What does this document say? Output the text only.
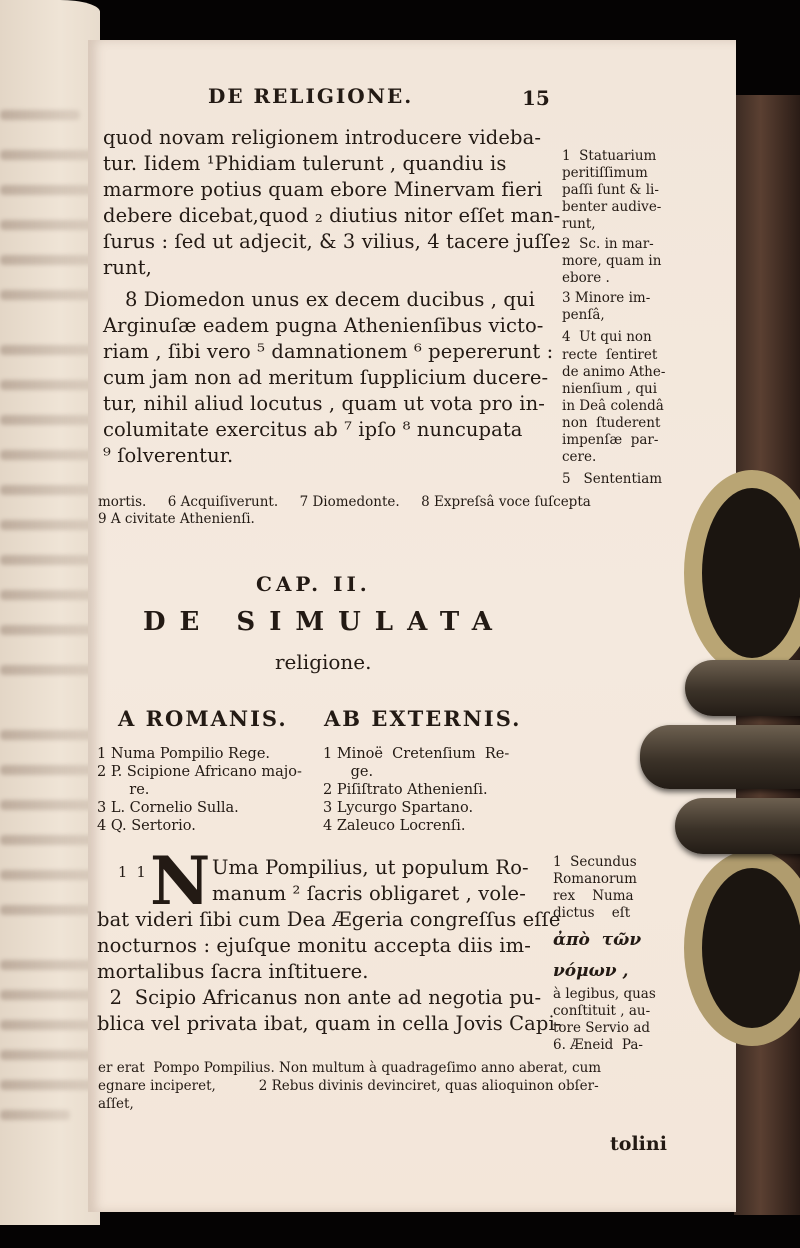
DE RELIGIONE.	15
quod novam religionem introducere videba-
tur. Iidem ¹Phidiam tulerunt , quandiu is
marmore potius quam ebore Minervam fieri
debere dicebat,quod ₂ diutius nitor eſſet man-
ſurus : ſed ut adjecit, & 3 vilius, 4 tacere juſſe-
runt,
8 Diomedon unus ex decem ducibus , qui
Arginuſæ eadem pugna Athenienſibus victo-
riam , ſibi vero ⁵ damnationem ⁶ pepererunt :
cum jam non ad meritum ſupplicium ducere-
tur, nihil aliud locutus , quam ut vota pro in-
columitate exercitus ab ⁷ ipſo ⁸ nuncupata
⁹ ſolverentur.
1  Statuarium
peritiſſimum
paſſi ſunt & li-
benter audive-
runt,
2  Sc. in mar-
more, quam in
ebore .
3 Minore im-
penſâ,
4  Ut qui non
recte  ſentiret
de animo Athe-
nienſium , qui
in Deâ colendâ
non  ſtuderent
impenſæ  par-
cere.
5   Sententiam
mortis.     6 Acquiſiverunt.     7 Diomedonte.     8 Expreſsâ voce ſuſcepta
9 A civitate Athenienſi.
CAP. II.
DE SIMULATA
religione.
A ROMANIS. AB EXTERNIS.
1 Numa Pompilio Rege.
2 P. Scipione Africano majo-
re.
3 L. Cornelio Sulla.
4 Q. Sertorio.
1 Minoë  Cretenſium  Re-
ge.
2 Piſiſtrato Athenienſi.
3 Lycurgo Spartano.
4 Zaleuco Locrenſi.
1  1 N Uma Pompilius, ut populum Ro-
manum ² ſacris obligaret , vole-
bat videri ſibi cum Dea Ægeria congreſſus eſſe
nocturnos : ejuſque monitu accepta diis im-
mortalibus ſacra inſtituere.
2  Scipio Africanus non ante ad negotia pu-
blica vel privata ibat, quam in cella Jovis Capi-
1  Secundus
Romanorum
rex    Numa
dictus    eſt
ἀπὸ  τῶν
νόμων ,
à legibus, quas
conſtituit , au-
tore Servio ad
6. Æneid  Pa-
er erat  Pompo Pompilius. Non multum à quadrageſimo anno aberat, cum
egnare inciperet,          2 Rebus divinis devinciret, quas alioquinon obſer-
aſſet,
tolini
